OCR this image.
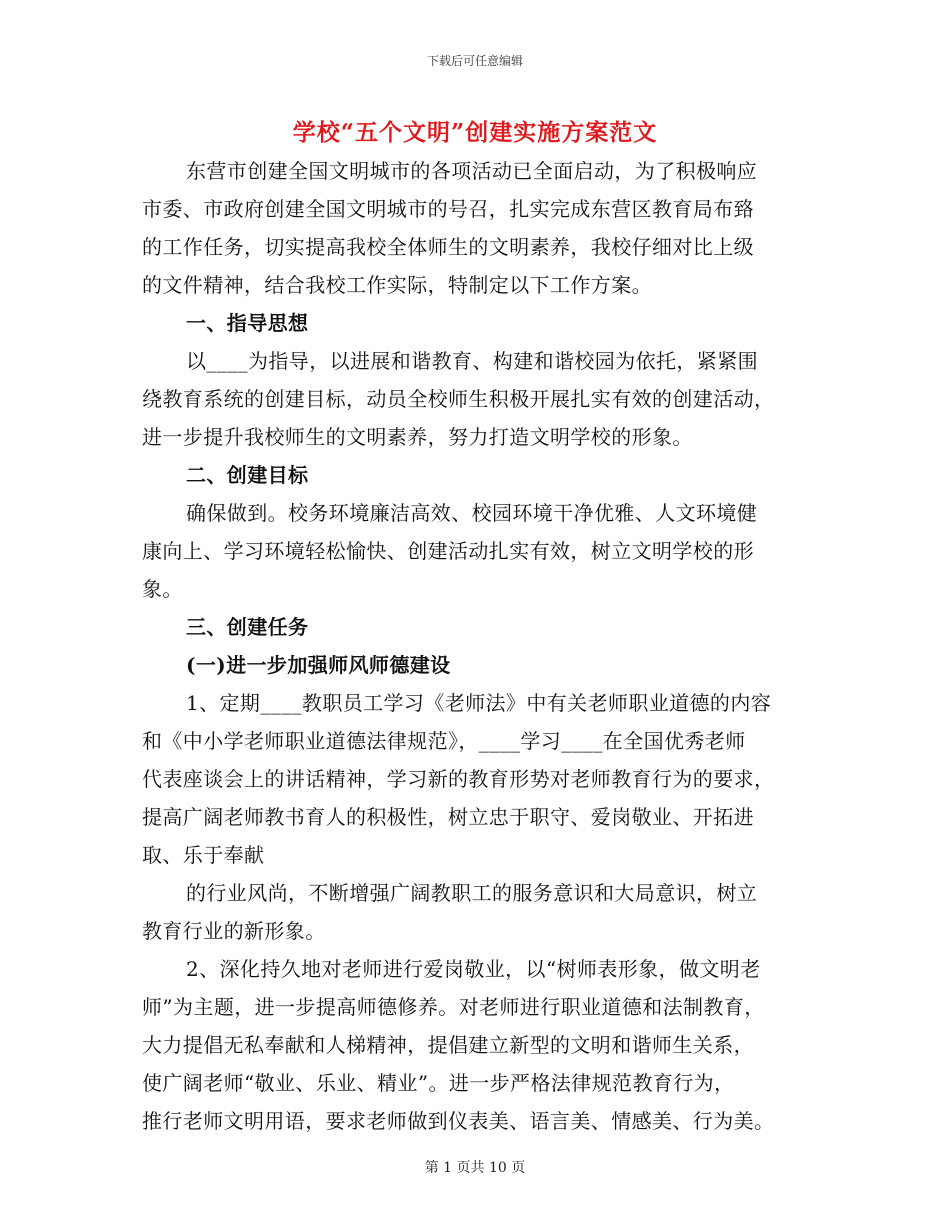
下载后可任意编辑
学校“五个文明”创建实施方案范文
东营市创建全国文明城市的各项活动已全面启动，为了积极响应
市委、市政府创建全国文明城市的号召，扎实完成东营区教育局布臵
的工作任务，切实提高我校全体师生的文明素养，我校仔细对比上级
的文件精神，结合我校工作实际，特制定以下工作方案。
一、指导思想
以____为指导，以进展和谐教育、构建和谐校园为依托，紧紧围
绕教育系统的创建目标，动员全校师生积极开展扎实有效的创建活动，
进一步提升我校师生的文明素养，努力打造文明学校的形象。
二、创建目标
确保做到。校务环境廉洁高效、校园环境干净优雅、人文环境健
康向上、学习环境轻松愉快、创建活动扎实有效，树立文明学校的形
象。
三、创建任务
(一)进一步加强师风师德建设
1、定期____教职员工学习《老师法》中有关老师职业道德的内容
和《中小学老师职业道德法律规范》，____学习____在全国优秀老师
代表座谈会上的讲话精神，学习新的教育形势对老师教育行为的要求，
提高广阔老师教书育人的积极性，树立忠于职守、爱岗敬业、开拓进
取、乐于奉献
的行业风尚，不断增强广阔教职工的服务意识和大局意识，树立
教育行业的新形象。
2、深化持久地对老师进行爱岗敬业，以“树师表形象，做文明老
师”为主题，进一步提高师德修养。对老师进行职业道德和法制教育，
大力提倡无私奉献和人梯精神，提倡建立新型的文明和谐师生关系，
使广阔老师“敬业、乐业、精业”。进一步严格法律规范教育行为，
推行老师文明用语，要求老师做到仪表美、语言美、情感美、行为美。
第 1 页共 10 页
